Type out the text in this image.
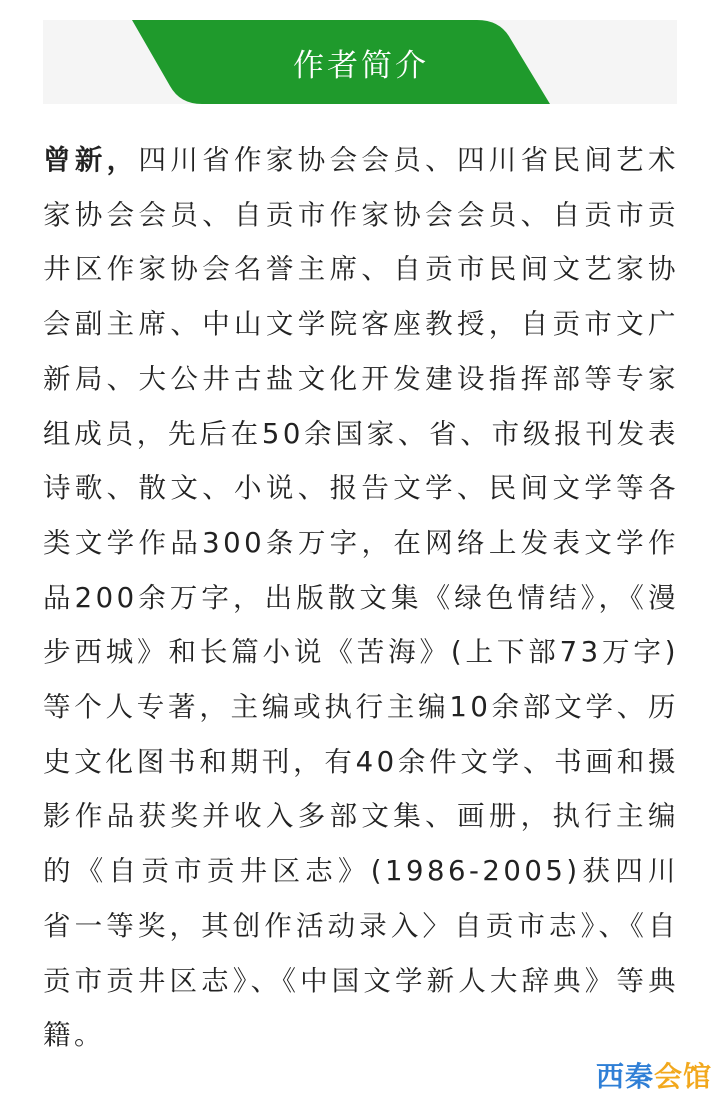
作者简介
曾新，四川省作家协会会员、四川省民间艺术家协会会员、自贡市作家协会会员、自贡市贡井区作家协会名誉主席、自贡市民间文艺家协会副主席、中山文学院客座教授，自贡市文广新局、大公井古盐文化开发建设指挥部等专家组成员，先后在50余国家、省、市级报刊发表诗歌、散文、小说、报告文学、民间文学等各类文学作品300条万字，在网络上发表文学作品200余万字，出版散文集《绿色情结》，《漫步西城》和长篇小说《苦海》(上下部73万字)等个人专著，主编或执行主编10余部文学、历史文化图书和期刊，有40余件文学、书画和摄影作品获奖并收入多部文集、画册，执行主编的《自贡市贡井区志》(1986-2005)获四川省一等奖，其创作活动录入〉自贡市志》、《自贡市贡井区志》、《中国文学新人大辞典》等典籍。
西秦会馆
